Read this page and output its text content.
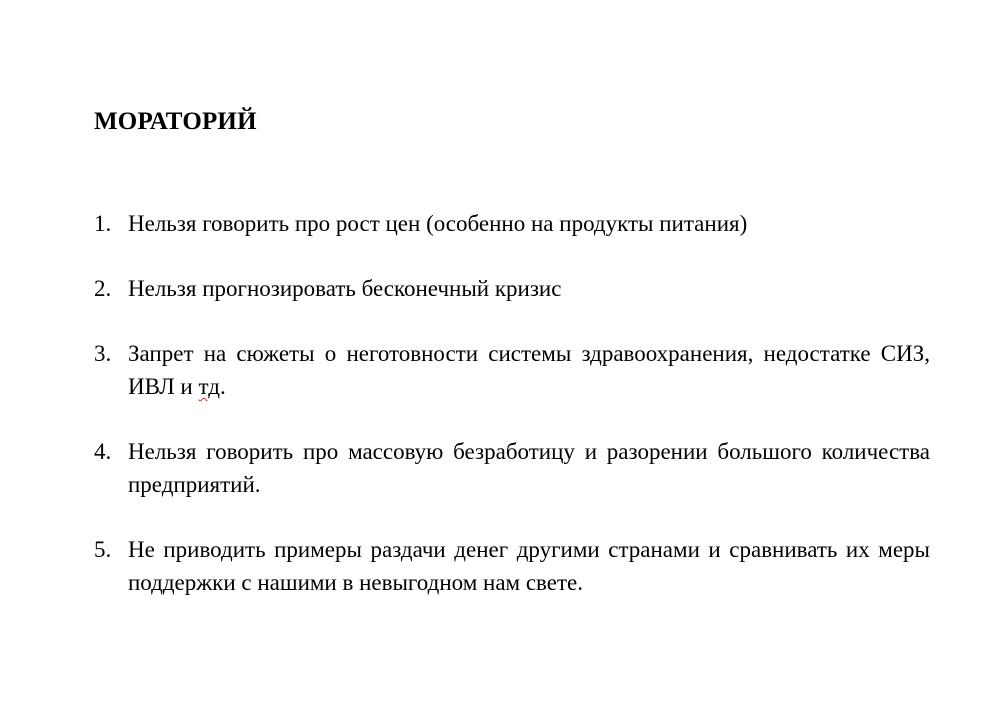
МОРАТОРИЙ
1. Нельзя говорить про рост цен (особенно на продукты питания)
2. Нельзя прогнозировать бесконечный кризис
3. Запрет на сюжеты о неготовности системы здравоохранения, недостатке СИЗ, ИВЛ и тд.
4. Нельзя говорить про массовую безработицу и разорении большого количества предприятий.
5. Не приводить примеры раздачи денег другими странами и сравнивать их меры поддержки с нашими в невыгодном нам свете.
